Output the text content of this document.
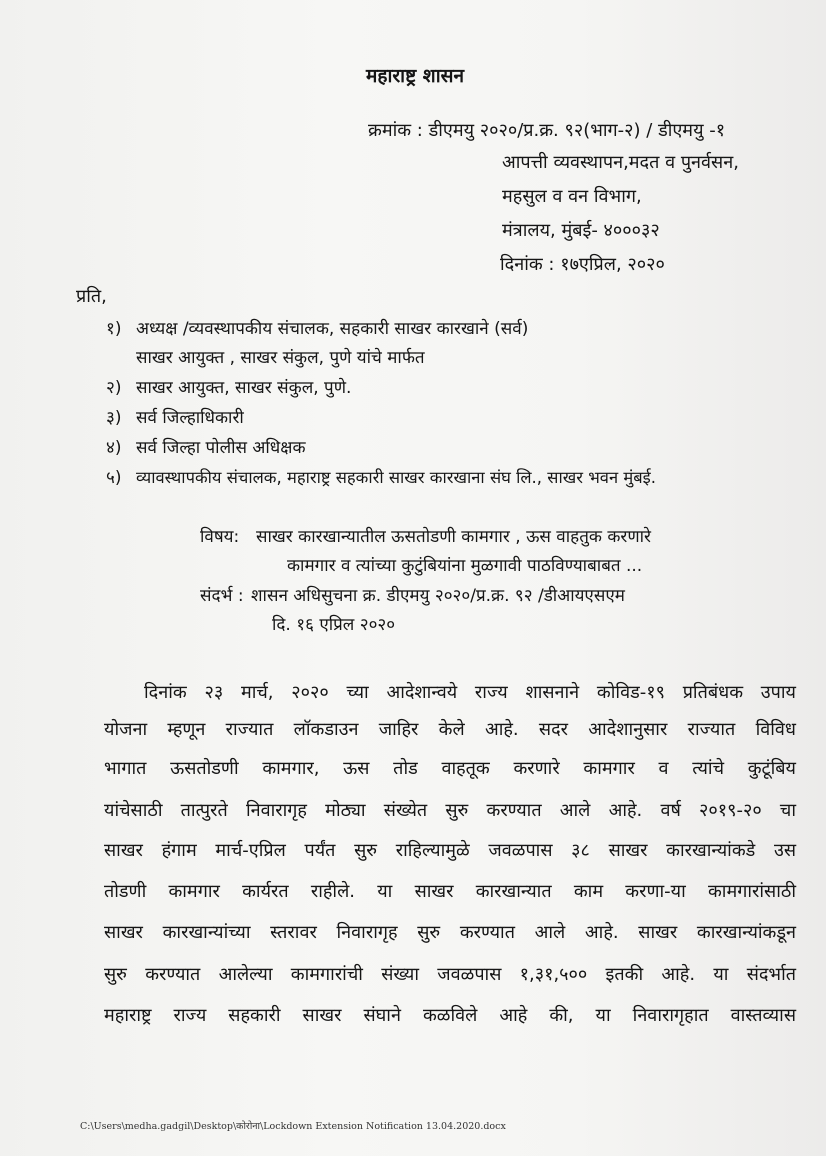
महाराष्ट्र शासन
क्रमांक : डीएमयु २०२०/प्र.क्र. ९२(भाग-२) / डीएमयु -१
आपत्ती व्यवस्थापन,मदत व पुनर्वसन,
महसुल व वन विभाग,
मंत्रालय, मुंबई- ४०००३२
दिनांक : १७एप्रिल, २०२०
प्रति,
१) अध्यक्ष /व्यवस्थापकीय संचालक, सहकारी साखर कारखाने (सर्व)
साखर आयुक्त , साखर संकुल, पुणे यांचे मार्फत
२) साखर आयुक्त, साखर संकुल, पुणे.
३) सर्व जिल्हाधिकारी
४) सर्व जिल्हा पोलीस अधिक्षक
५) व्यावस्थापकीय संचालक, महाराष्ट्र सहकारी साखर कारखाना संघ लि., साखर भवन मुंबई.
विषय: साखर कारखान्यातील ऊसतोडणी कामगार , ऊस वाहतुक करणारे
कामगार व त्यांच्या कुटुंबियांना मुळगावी पाठविण्याबाबत ...
संदर्भ : शासन अधिसुचना क्र. डीएमयु २०२०/प्र.क्र. ९२ /डीआयएसएम
दि. १६ एप्रिल २०२०
दिनांक २३ मार्च, २०२० च्या आदेशान्वये राज्य शासनाने कोविड-१९ प्रतिबंधक उपाय
योजना म्हणून राज्यात लॉकडाउन जाहिर केले आहे. सदर आदेशानुसार राज्यात विविध
भागात ऊसतोडणी कामगार, ऊस तोड वाहतूक करणारे कामगार व त्यांचे कुटूंबिय
यांचेसाठी तात्पुरते निवारागृह मोठ्या संख्येत सुरु करण्यात आले आहे. वर्ष २०१९-२० चा
साखर हंगाम मार्च-एप्रिल पर्यंत सुरु राहिल्यामुळे जवळपास ३८ साखर कारखान्यांकडे उस
तोडणी कामगार कार्यरत राहीले. या साखर कारखान्यात काम करणा-या कामगारांसाठी
साखर कारखान्यांच्या स्तरावर निवारागृह सुरु करण्यात आले आहे. साखर कारखान्यांकडून
सुरु करण्यात आलेल्या कामगारांची संख्या जवळपास १,३१,५०० इतकी आहे. या संदर्भात
महाराष्ट्र राज्य सहकारी साखर संघाने कळविले आहे की, या निवारागृहात वास्तव्यास
C:\Users\medha.gadgil\Desktop\कोरोना\Lockdown Extension Notification 13.04.2020.docx
